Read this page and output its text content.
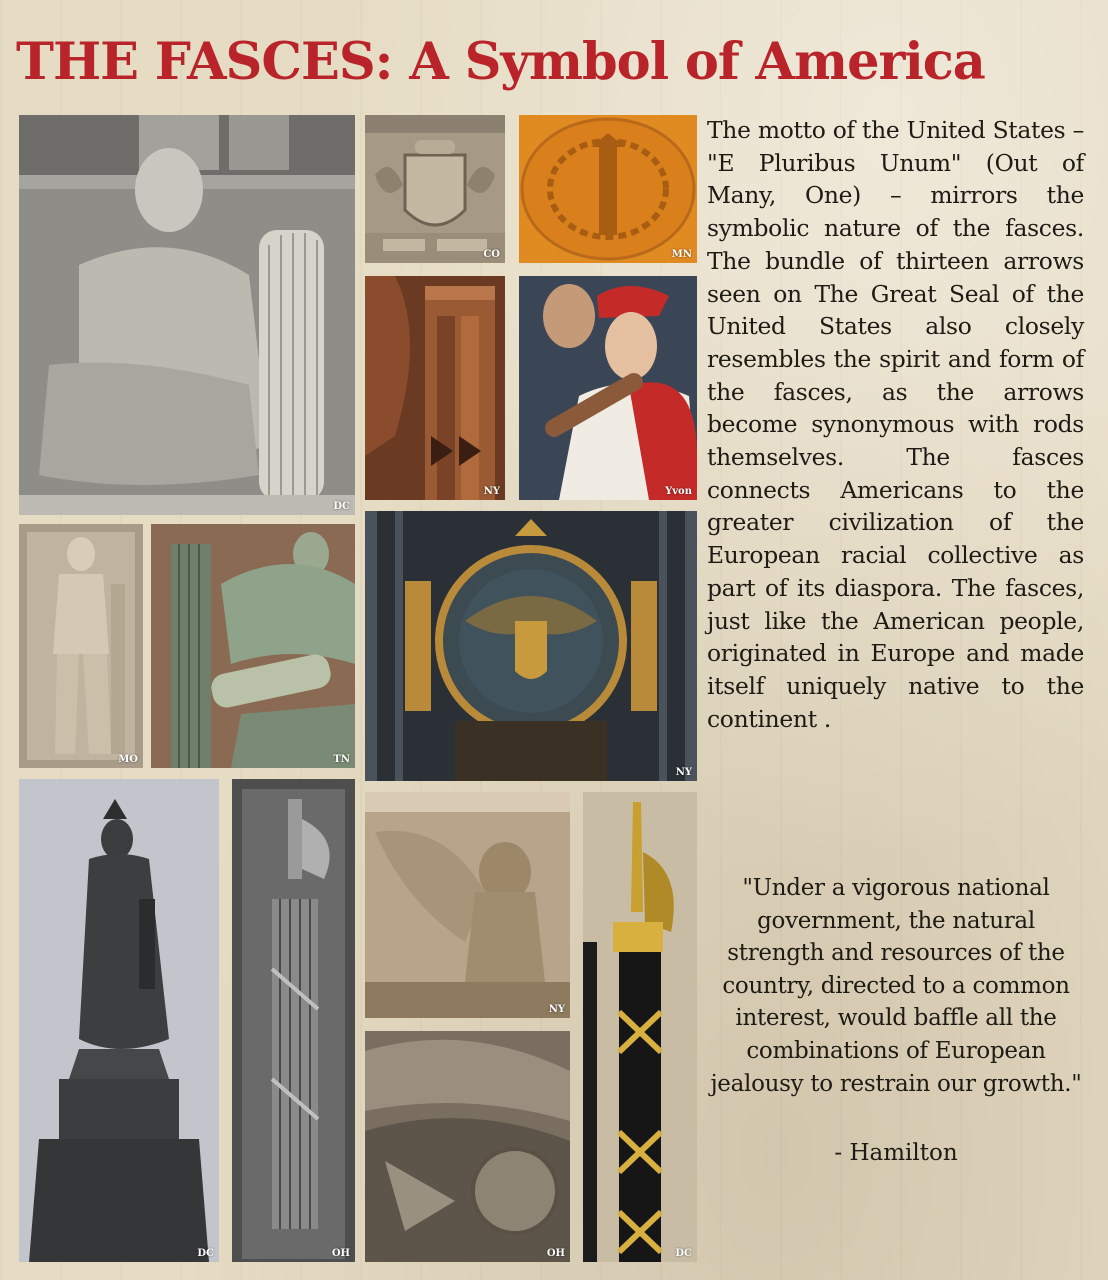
THE FASCES: A Symbol of America
DC
CO	MN
NY	Yvon
MO	TN
NY
DC	OH
NY
OH	DC
The motto of the United States – "E Pluribus Unum" (Out of Many, One) – mirrors the symbolic nature of the fasces. The bundle of thirteen arrows seen on The Great Seal of the United States also closely resembles the spirit and form of the fasces, as the arrows become synonymous with rods themselves. The fasces connects Americans to the greater civilization of the European racial collective as part of its diaspora. The fasces, just like the American people, originated in Europe and made itself uniquely native to the continent .
"Under a vigorous national government, the natural strength and resources of the country, directed to a common interest, would baffle all the combinations of European jealousy to restrain our growth."
- Hamilton
